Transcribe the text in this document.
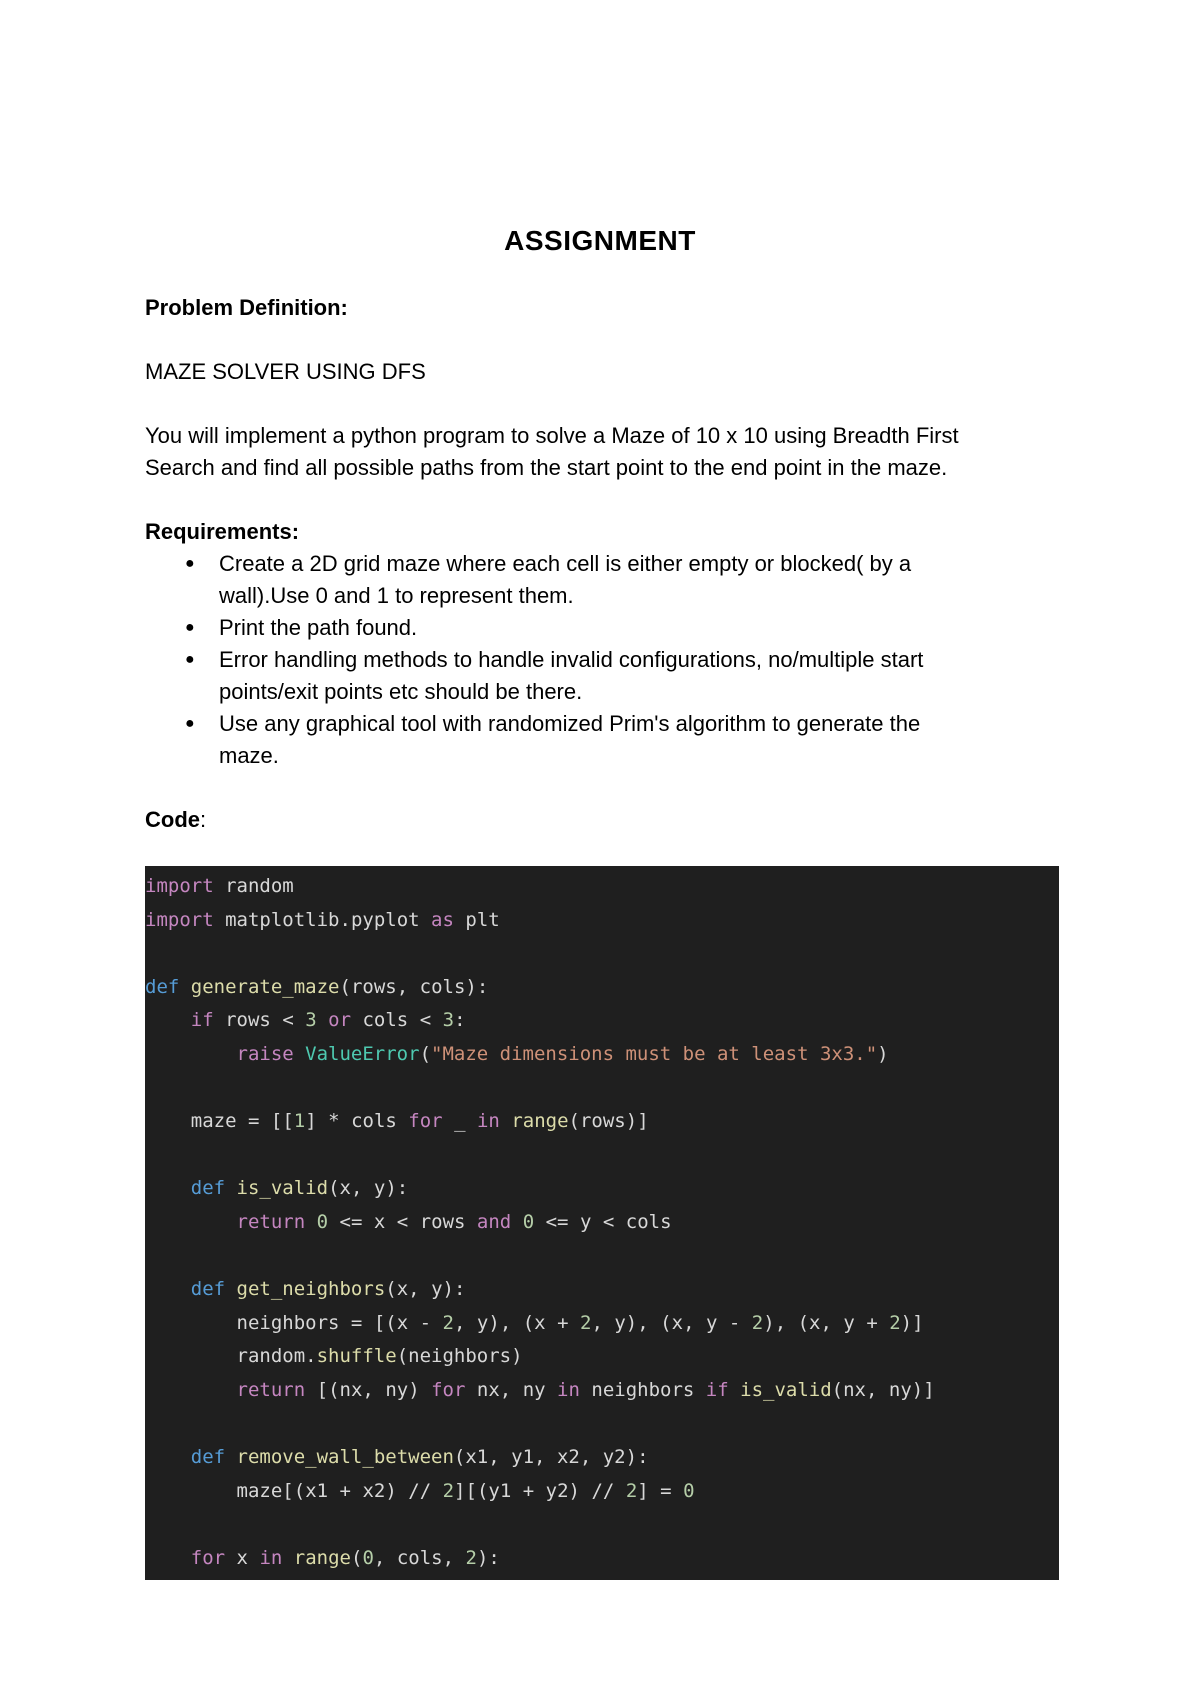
ASSIGNMENT

Problem Definition:

MAZE SOLVER USING DFS

You will implement a python program to solve a Maze of 10 x 10 using Breadth First

Search and find all possible paths from the start point to the end point in the maze.

Requirements:

● Create a 2D grid maze where each cell is either empty or blocked( by a
wall).Use 0 and 1 to represent them.
● Print the path found.
● Error handling methods to handle invalid configurations, no/multiple start
points/exit points etc should be there.
● Use any graphical tool with randomized Prim's algorithm to generate the
maze.

Code:

import random
import matplotlib.pyplot as plt

def generate_maze(rows, cols):
if rows < 3 or cols < 3:
raise ValueError("Maze dimensions must be at least 3x3.")

maze = [[1] * cols for _ in range(rows)]

def is_valid(x, y):
return 0 <= x < rows and 0 <= y < cols

def get_neighbors(x, y):
neighbors = [(x - 2, y), (x + 2, y), (x, y - 2), (x, y + 2)]
random.shuffle(neighbors)
return [(nx, ny) for nx, ny in neighbors if is_valid(nx, ny)]

def remove_wall_between(x1, y1, x2, y2):
maze[(x1 + x2) // 2][(y1 + y2) // 2] = 0

for x in range(0, cols, 2):
